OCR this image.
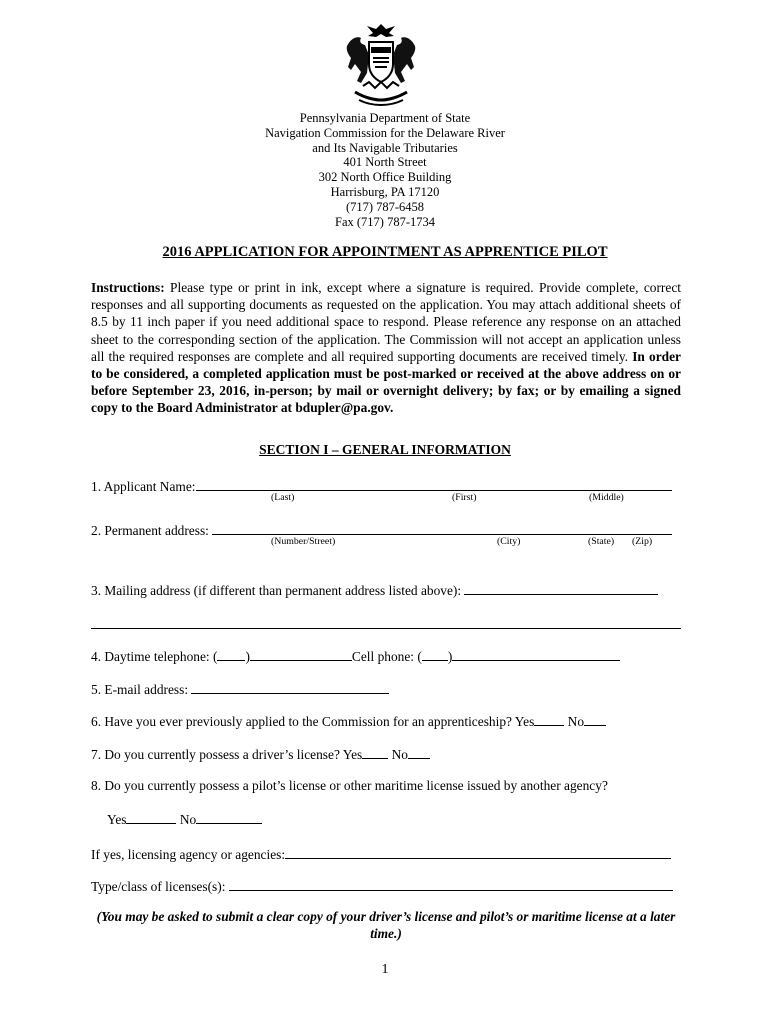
Pennsylvania Department of State
Navigation Commission for the Delaware River
and Its Navigable Tributaries
401 North Street
302 North Office Building
Harrisburg, PA 17120
(717) 787-6458
Fax (717) 787-1734
2016 APPLICATION FOR APPOINTMENT AS APPRENTICE PILOT
Instructions: Please type or print in ink, except where a signature is required. Provide complete, correct responses and all supporting documents as requested on the application. You may attach additional sheets of 8.5 by 11 inch paper if you need additional space to respond. Please reference any response on an attached sheet to the corresponding section of the application. The Commission will not accept an application unless all the required responses are complete and all required supporting documents are received timely. In order to be considered, a completed application must be post-marked or received at the above address on or before September 23, 2016, in-person; by mail or overnight delivery; by fax; or by emailing a signed copy to the Board Administrator at bdupler@pa.gov.
SECTION I – GENERAL INFORMATION
1. Applicant Name:
(Last)	(First)	(Middle)
2. Permanent address:
(Number/Street)	(City)	(State) (Zip)
3. Mailing address (if different than permanent address listed above):
4. Daytime telephone: ( )	Cell phone: ( )
5. E-mail address:
6. Have you ever previously applied to the Commission for an apprenticeship? Yes No
7. Do you currently possess a driver’s license? Yes No
8. Do you currently possess a pilot’s license or other maritime license issued by another agency?
Yes	No
If yes, licensing agency or agencies:
Type/class of licenses(s):
(You may be asked to submit a clear copy of your driver’s license and pilot’s or maritime license at a later time.)
1
